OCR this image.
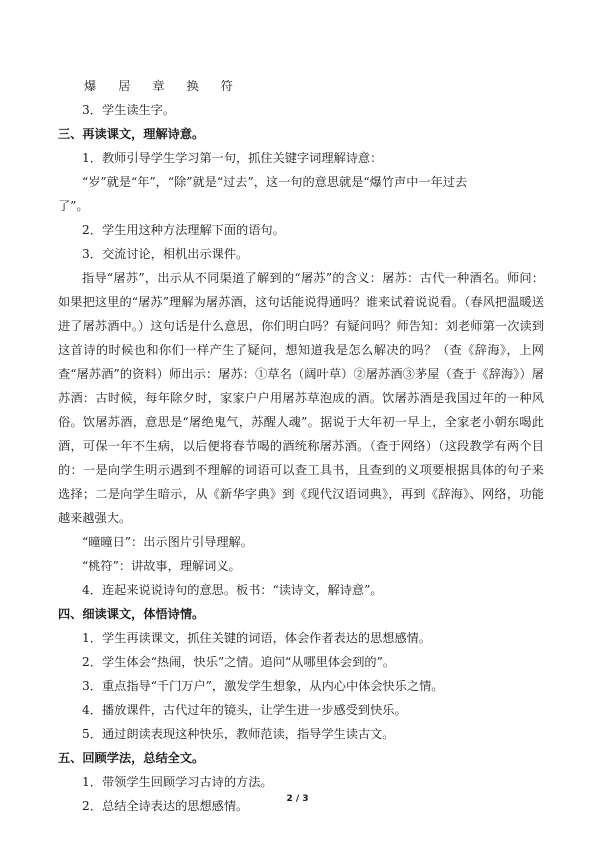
爆 居 章 换 符

3．学生读生字。

三、再读课文，理解诗意。

1．教师引导学生学习第一句，抓住关键字词理解诗意：

“岁”就是“年”，“除”就是“过去”，这一句的意思就是“爆竹声中一年过去

了”。

2．学生用这种方法理解下面的语句。

3．交流讨论，相机出示课件。

指导“屠苏”，出示从不同渠道了解到的“屠苏”的含义：屠苏：古代一种酒名。师问：如果把这里的“屠苏”理解为屠苏酒，这句话能说得通吗？谁来试着说说看。（春风把温暖送进了屠苏酒中。）这句话是什么意思，你们明白吗？有疑问吗？师告知：刘老师第一次读到这首诗的时候也和你们一样产生了疑问，想知道我是怎么解决的吗？（查《辞海》，上网查“屠苏酒”的资料）师出示：屠苏：①草名（阔叶草）②屠苏酒③茅屋（查于《辞海》）屠苏酒：古时候，每年除夕时，家家户户用屠苏草泡成的酒。饮屠苏酒是我国过年的一种风俗。饮屠苏酒，意思是“屠绝鬼气，苏醒人魂”。据说于大年初一早上，全家老小朝东喝此酒，可保一年不生病，以后便将春节喝的酒统称屠苏酒。（查于网络）（这段教学有两个目的：一是向学生明示遇到不理解的词语可以查工具书，且查到的义项要根据具体的句子来选择；二是向学生暗示，从《新华字典》到《现代汉语词典》，再到《辞海》、网络，功能越来越强大。

“曈曈日”：出示图片引导理解。

“桃符”：讲故事，理解词义。

4．连起来说说诗句的意思。板书：“读诗文，解诗意”。

四、细读课文，体悟诗情。

1．学生再读课文，抓住关键的词语，体会作者表达的思想感情。

2．学生体会“热闹，快乐”之情。追问“从哪里体会到的”。

3．重点指导“千门万户”，激发学生想象，从内心中体会快乐之情。

4．播放课件，古代过年的镜头，让学生进一步感受到快乐。

5．通过朗读表现这种快乐，教师范读，指导学生读古文。

五、回顾学法，总结全文。

1．带领学生回顾学习古诗的方法。

2．总结全诗表达的思想感情。	2 / 3
